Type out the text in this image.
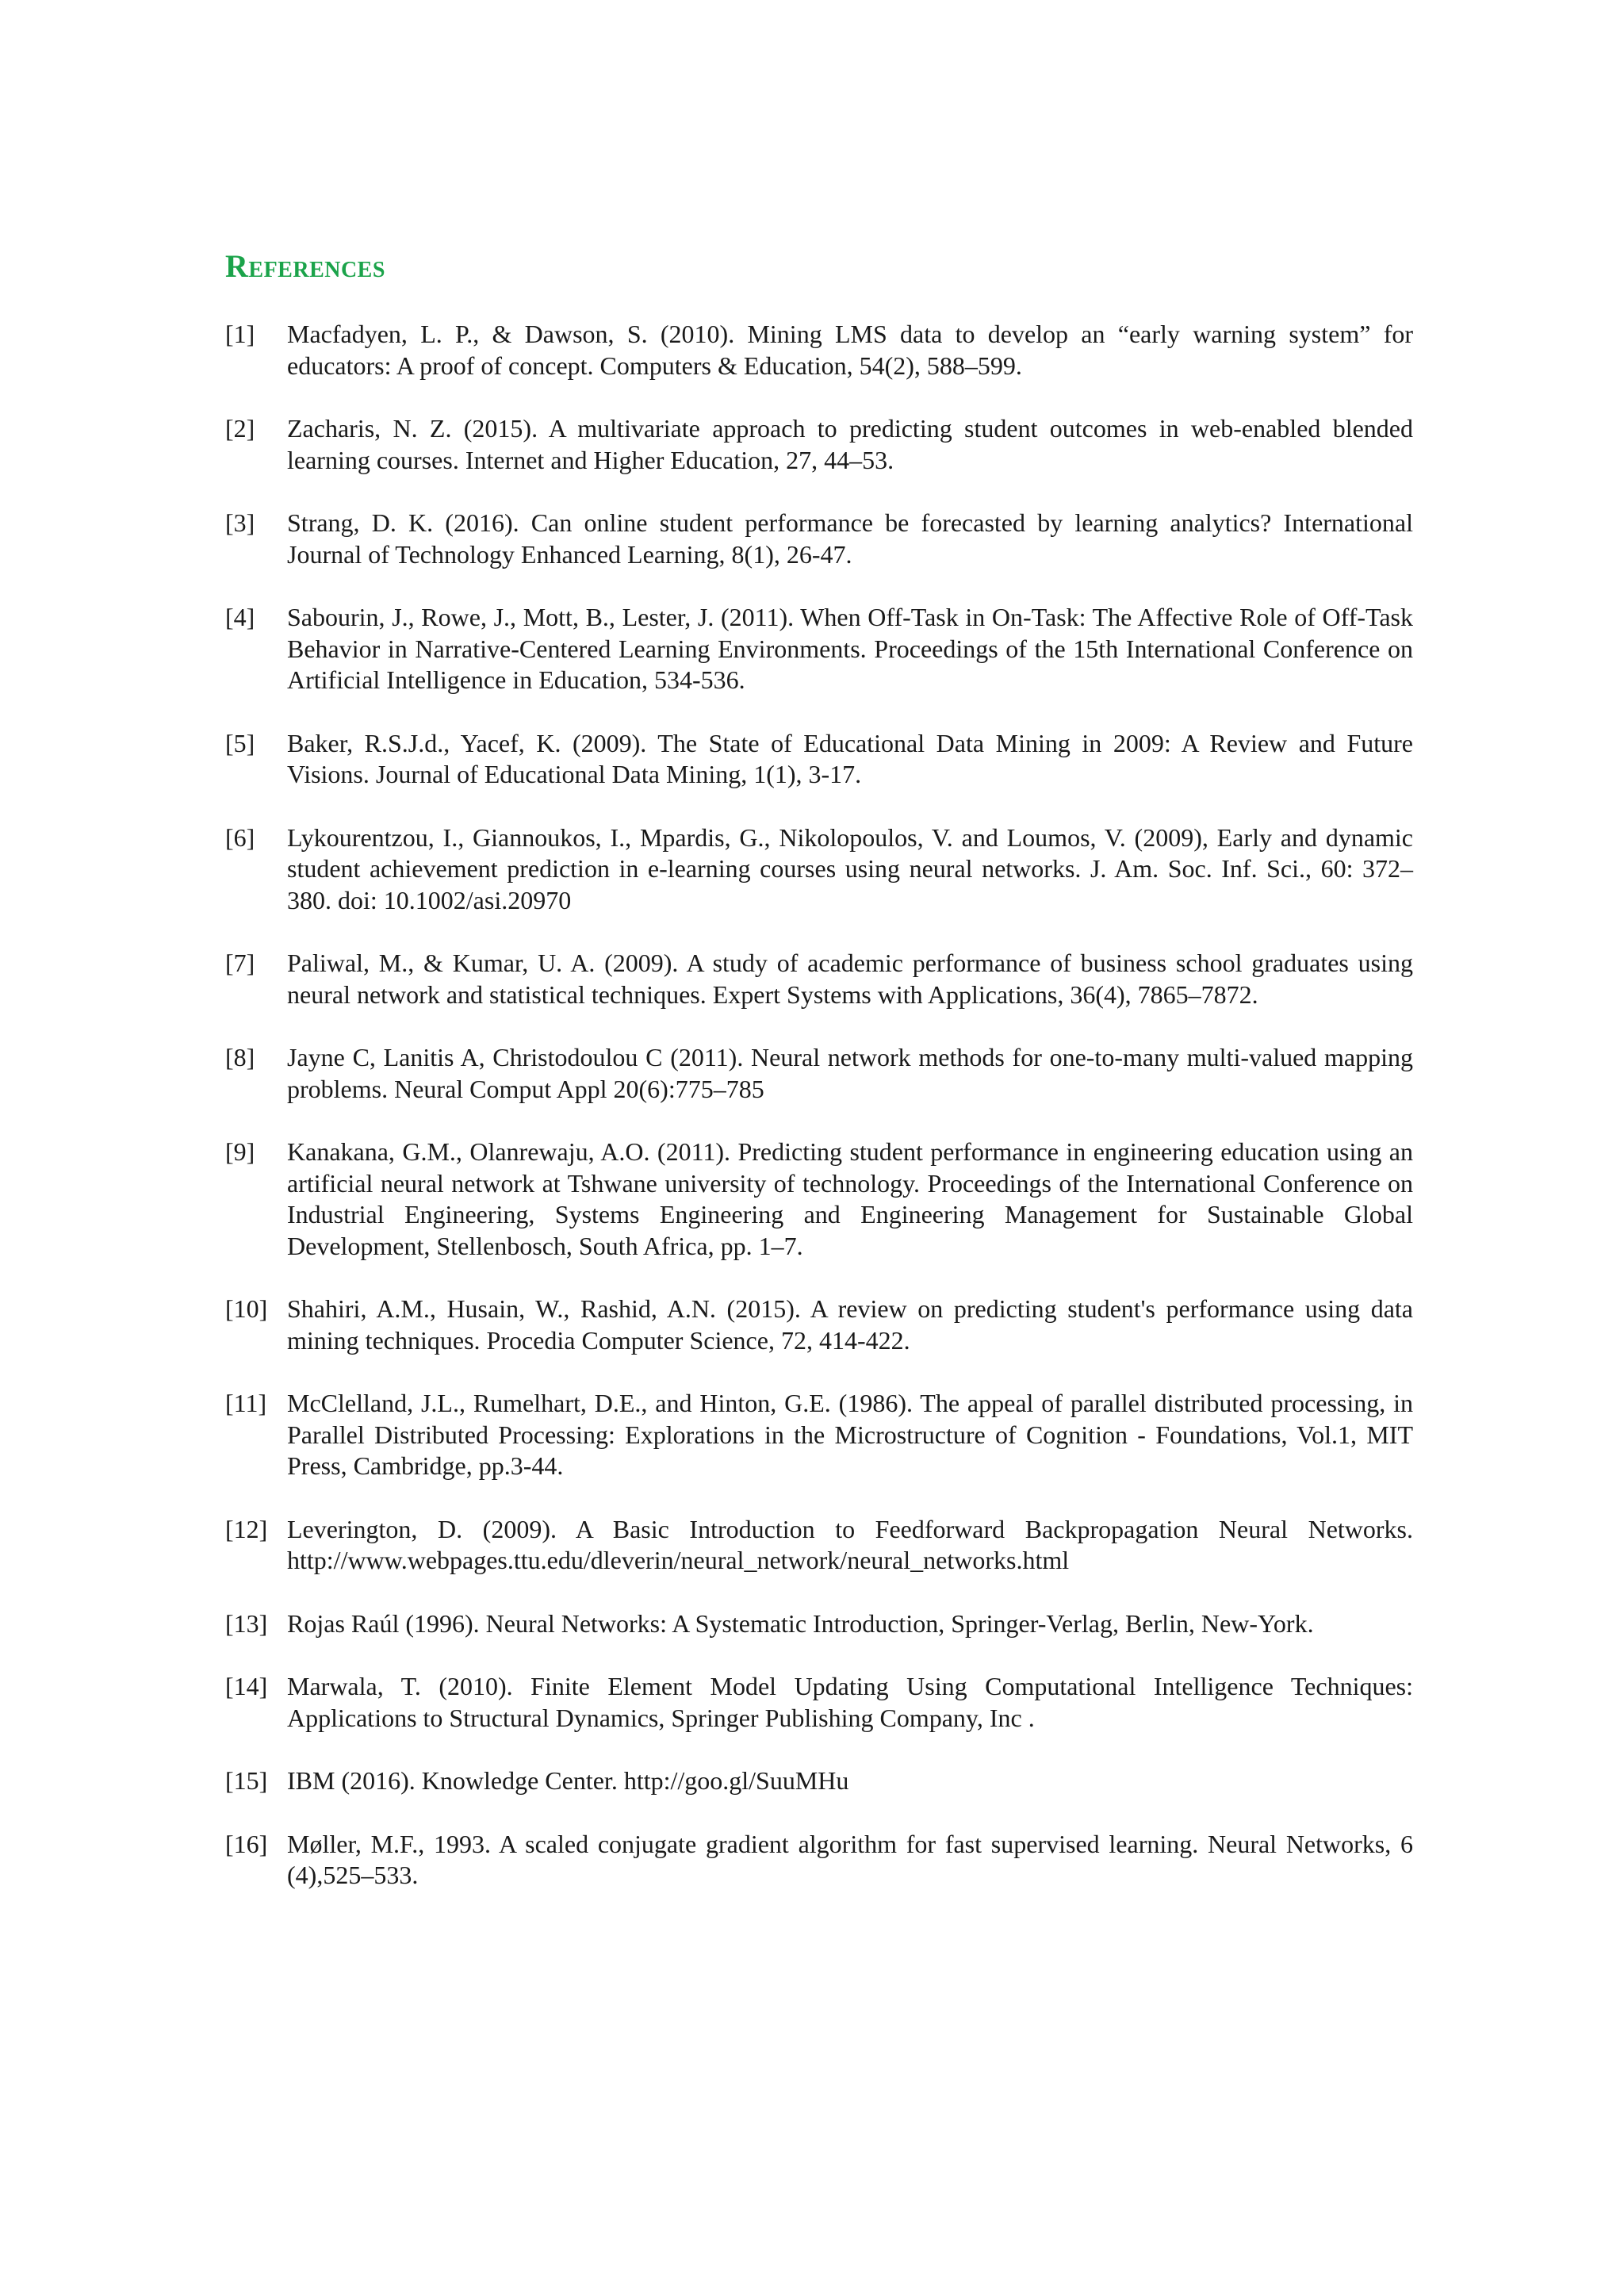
References
[1] Macfadyen, L. P., & Dawson, S. (2010). Mining LMS data to develop an “early warning system” for educators: A proof of concept. Computers & Education, 54(2), 588–599.
[2] Zacharis, N. Z. (2015). A multivariate approach to predicting student outcomes in web-enabled blended learning courses. Internet and Higher Education, 27, 44–53.
[3] Strang, D. K. (2016). Can online student performance be forecasted by learning analytics? International Journal of Technology Enhanced Learning, 8(1), 26-47.
[4] Sabourin, J., Rowe, J., Mott, B., Lester, J. (2011). When Off-Task in On-Task: The Affective Role of Off-Task Behavior in Narrative-Centered Learning Environments. Proceedings of the 15th International Conference on Artificial Intelligence in Education, 534-536.
[5] Baker, R.S.J.d., Yacef, K. (2009). The State of Educational Data Mining in 2009: A Review and Future Visions. Journal of Educational Data Mining, 1(1), 3-17.
[6] Lykourentzou, I., Giannoukos, I., Mpardis, G., Nikolopoulos, V. and Loumos, V. (2009), Early and dynamic student achievement prediction in e-learning courses using neural networks. J. Am. Soc. Inf. Sci., 60: 372–380. doi: 10.1002/asi.20970
[7] Paliwal, M., & Kumar, U. A. (2009). A study of academic performance of business school graduates using neural network and statistical techniques. Expert Systems with Applications, 36(4), 7865–7872.
[8] Jayne C, Lanitis A, Christodoulou C (2011). Neural network methods for one-to-many multi-valued mapping problems. Neural Comput Appl 20(6):775–785
[9] Kanakana, G.M., Olanrewaju, A.O. (2011). Predicting student performance in engineering education using an artificial neural network at Tshwane university of technology. Proceedings of the International Conference on Industrial Engineering, Systems Engineering and Engineering Management for Sustainable Global Development, Stellenbosch, South Africa, pp. 1–7.
[10] Shahiri, A.M., Husain, W., Rashid, A.N. (2015). A review on predicting student's performance using data mining techniques. Procedia Computer Science, 72, 414-422.
[11] McClelland, J.L., Rumelhart, D.E., and Hinton, G.E. (1986). The appeal of parallel distributed processing, in Parallel Distributed Processing: Explorations in the Microstructure of Cognition - Foundations, Vol.1, MIT Press, Cambridge, pp.3-44.
[12] Leverington, D. (2009). A Basic Introduction to Feedforward Backpropagation Neural Networks. http://www.webpages.ttu.edu/dleverin/neural_network/neural_networks.html
[13] Rojas Raúl (1996). Neural Networks: A Systematic Introduction, Springer-Verlag, Berlin, New-York.
[14] Marwala, T. (2010). Finite Element Model Updating Using Computational Intelligence Techniques: Applications to Structural Dynamics, Springer Publishing Company, Inc .
[15] IBM (2016). Knowledge Center. http://goo.gl/SuuMHu
[16] Møller, M.F., 1993. A scaled conjugate gradient algorithm for fast supervised learning. Neural Networks, 6 (4),525–533.
